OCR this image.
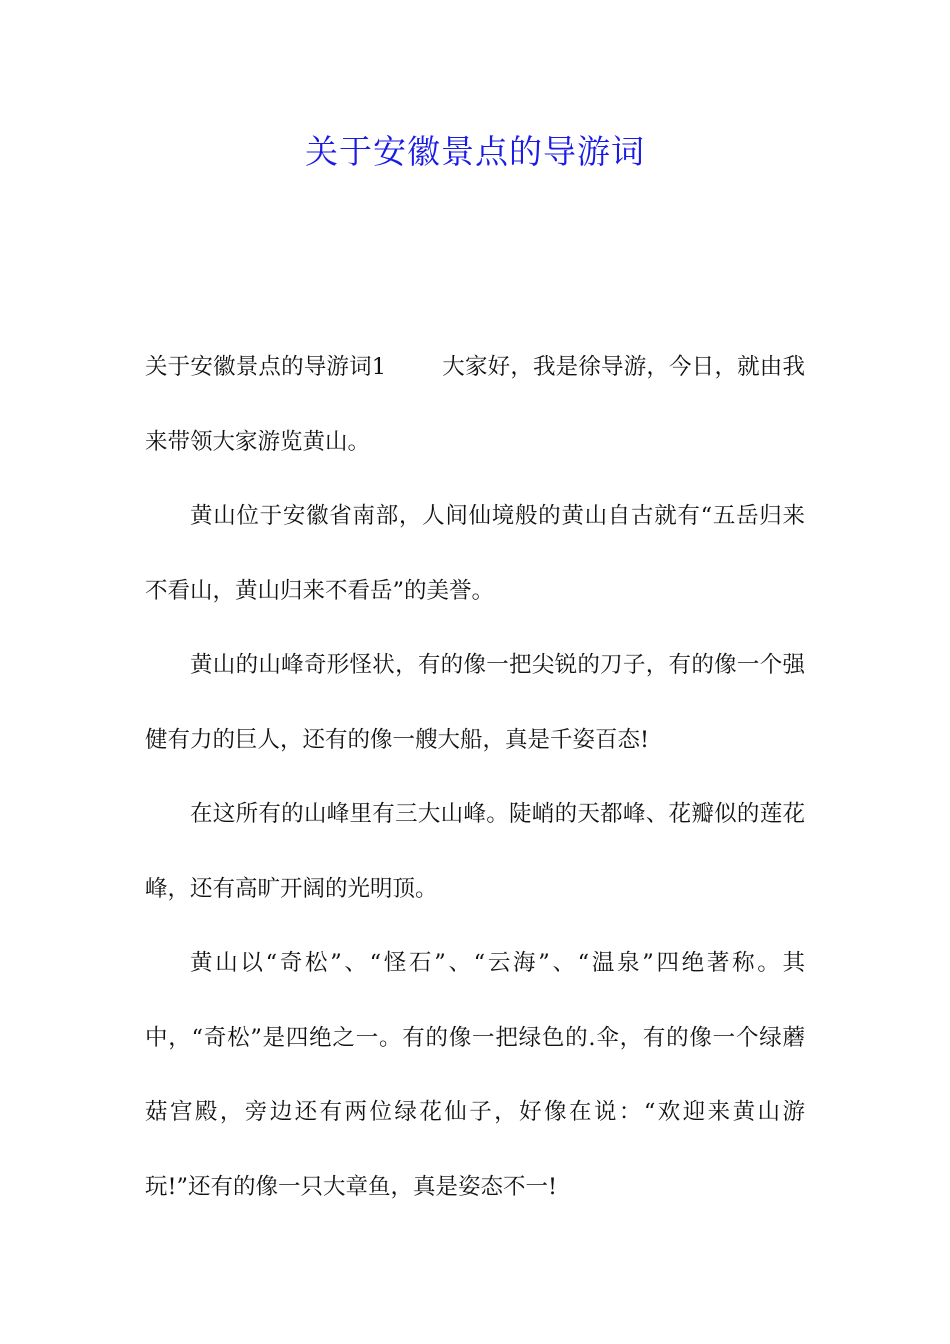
关于安徽景点的导游词

关于安徽景点的导游词1 大家好，我是徐导游，今日，就由我来带领大家游览黄山。

黄山位于安徽省南部，人间仙境般的黄山自古就有“五岳归来不看山，黄山归来不看岳”的美誉。

黄山的山峰奇形怪状，有的像一把尖锐的刀子，有的像一个强健有力的巨人，还有的像一艘大船，真是千姿百态!

在这所有的山峰里有三大山峰。陡峭的天都峰、花瓣似的莲花峰，还有高旷开阔的光明顶。

黄山以“奇松”、“怪石”、“云海”、“温泉”四绝著称。其中，“奇松”是四绝之一。有的像一把绿色的.伞，有的像一个绿蘑菇宫殿，旁边还有两位绿花仙子，好像在说：“欢迎来黄山游玩!”还有的像一只大章鱼，真是姿态不一!
